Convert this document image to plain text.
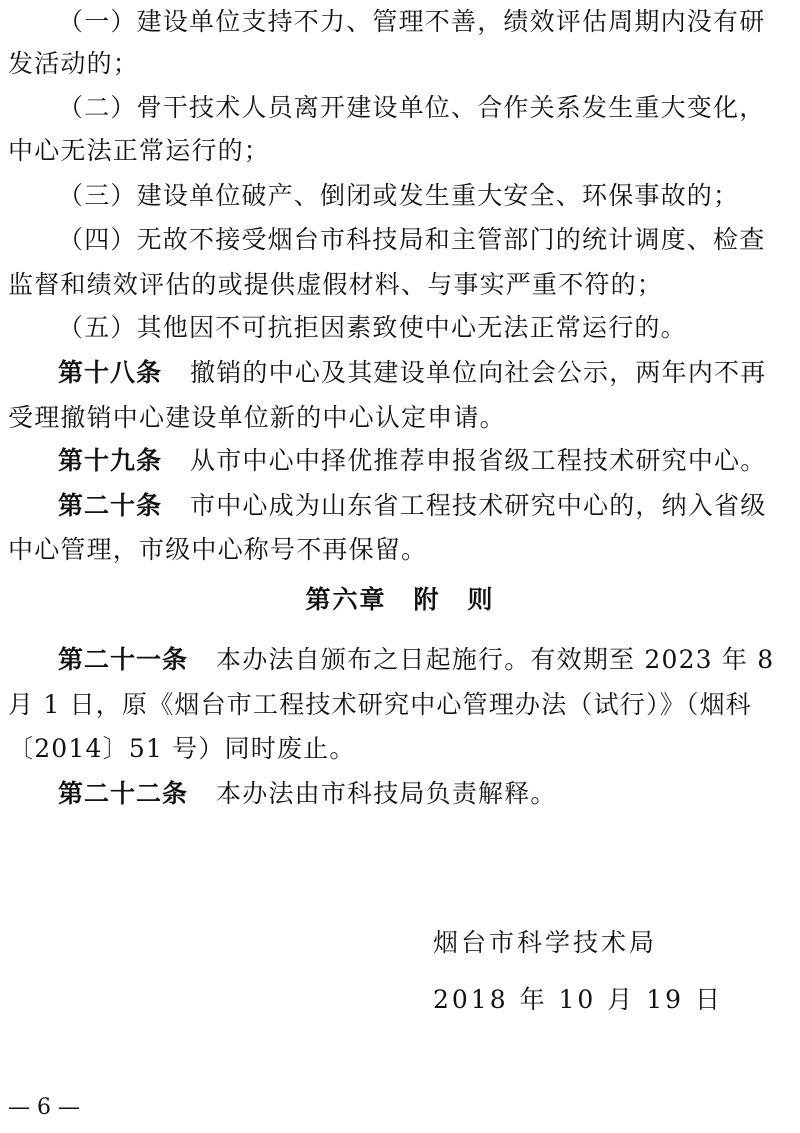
（一）建设单位支持不力、管理不善，绩效评估周期内没有研
发活动的；
（二）骨干技术人员离开建设单位、合作关系发生重大变化，
中心无法正常运行的；
（三）建设单位破产、倒闭或发生重大安全、环保事故的；
（四）无故不接受烟台市科技局和主管部门的统计调度、检查
监督和绩效评估的或提供虚假材料、与事实严重不符的；
（五）其他因不可抗拒因素致使中心无法正常运行的。
第十八条 撤销的中心及其建设单位向社会公示，两年内不再
受理撤销中心建设单位新的中心认定申请。
第十九条 从市中心中择优推荐申报省级工程技术研究中心。
第二十条 市中心成为山东省工程技术研究中心的，纳入省级
中心管理，市级中心称号不再保留。
第六章　附　则
第二十一条 本办法自颁布之日起施行。有效期至 2023 年 8
月 1 日，原《烟台市工程技术研究中心管理办法（试行）》（烟科
〔2014〕51 号）同时废止。
第二十二条 本办法由市科技局负责解释。
烟台市科学技术局
2018 年 10 月 19 日
— 6 —
